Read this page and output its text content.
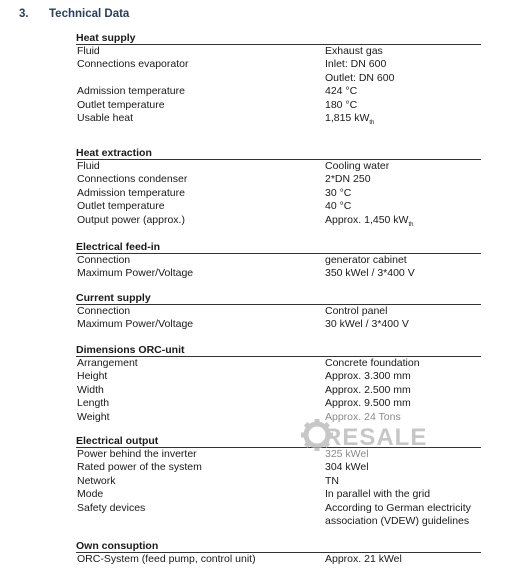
3. Technical Data
Heat supply
Fluid	Exhaust gas
Connections evaporator	Inlet: DN 600
Outlet: DN 600
Admission temperature	424 °C
Outlet temperature	180 °C
Usable heat	1,815 $kW_{th}$
Heat extraction
Fluid	Cooling water
Connections condenser	2*DN 250
Admission temperature	30 °C
Outlet temperature	40 °C
Output power (approx.)	Approx. 1,450 $kW_{th}$
Electrical feed-in
Connection	generator cabinet
Maximum Power/Voltage	350 kWel / 3*400 V
Current supply
Connection	Control panel
Maximum Power/Voltage	30 kWel / 3*400 V
Dimensions ORC-unit
Arrangement	Concrete foundation
Height	Approx. 3.300 mm
Width	Approx. 2.500 mm
Length	Approx. 9.500 mm
Weight	Approx. 24 Tons
Electrical output
Power behind the inverter	325 kWel
Rated power of the system	304 kWel
Network	TN
Mode	In parallel with the grid
Safety devices	According to German electricity
association (VDEW) guidelines
Own consuption
ORC-System (feed pump, control unit)	Approx. 21 kWel
RESALE
